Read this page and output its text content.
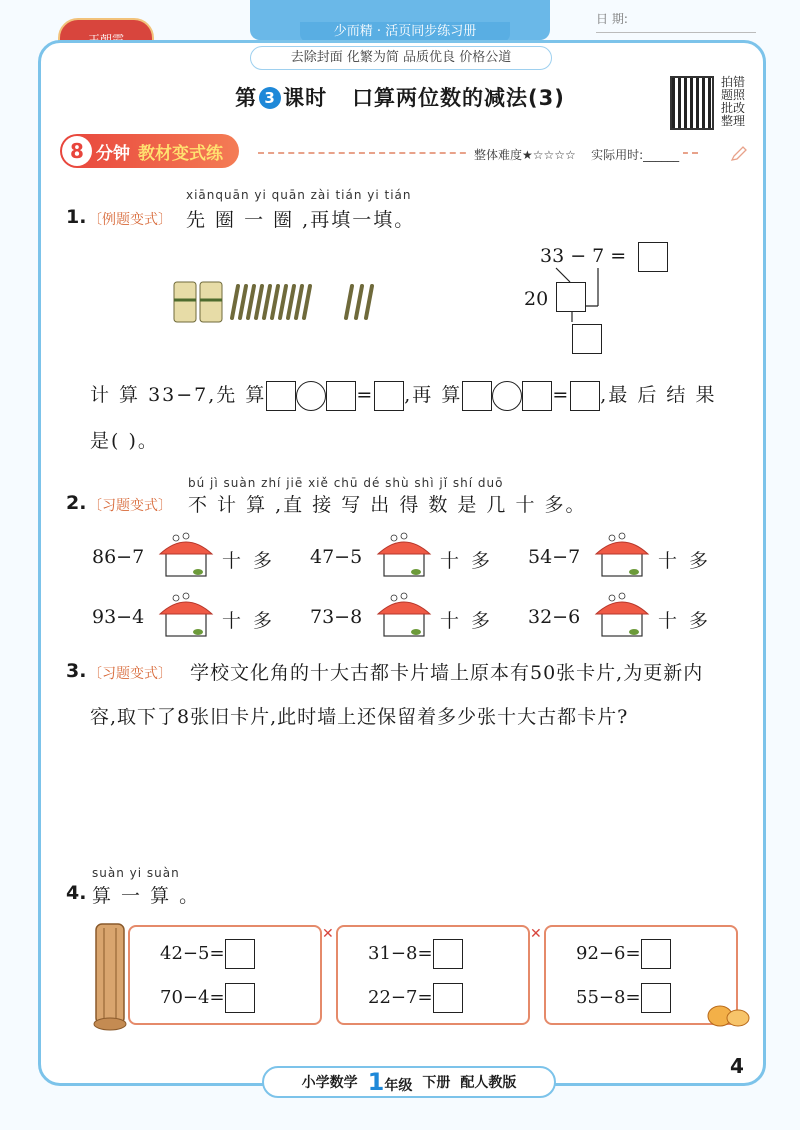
少而精 · 活页同步练习册
日 期:
去除封面 化繁为简 品质优良 价格公道
第 3 课时 口算两位数的减法(3)
拍错题照批改整理
8 分钟 教材变式练	整体难度★☆☆☆☆ 实际用时:______
xiānquān yi quān zài tián yi tián
1. 〔例题变式〕 先 圈 一 圈 ,再填一填。
33 − 7 =
20
计 算 33−7,先 算	= ,再 算	= ,最 后 结 果
是( )。
bú jì suàn zhí jiē xiě chū dé shù shì jǐ shí duō
2. 〔习题变式〕 不 计 算 ,直 接 写 出 得 数 是 几 十 多。
86−7	十 多 47−5	十 多 54−7	十 多
93−4	十 多 73−8	十 多 32−6	十 多
3. 〔习题变式〕 学校文化角的十大古都卡片墙上原本有50张卡片,为更新内
容,取下了8张旧卡片,此时墙上还保留着多少张十大古都卡片?
suàn yi suàn
4. 算 一 算 。
42−5=
70−4=
✕
31−8=
22−7=
✕
92−6=
55−8=
小学数学 1年级 下册 配人教版
4
